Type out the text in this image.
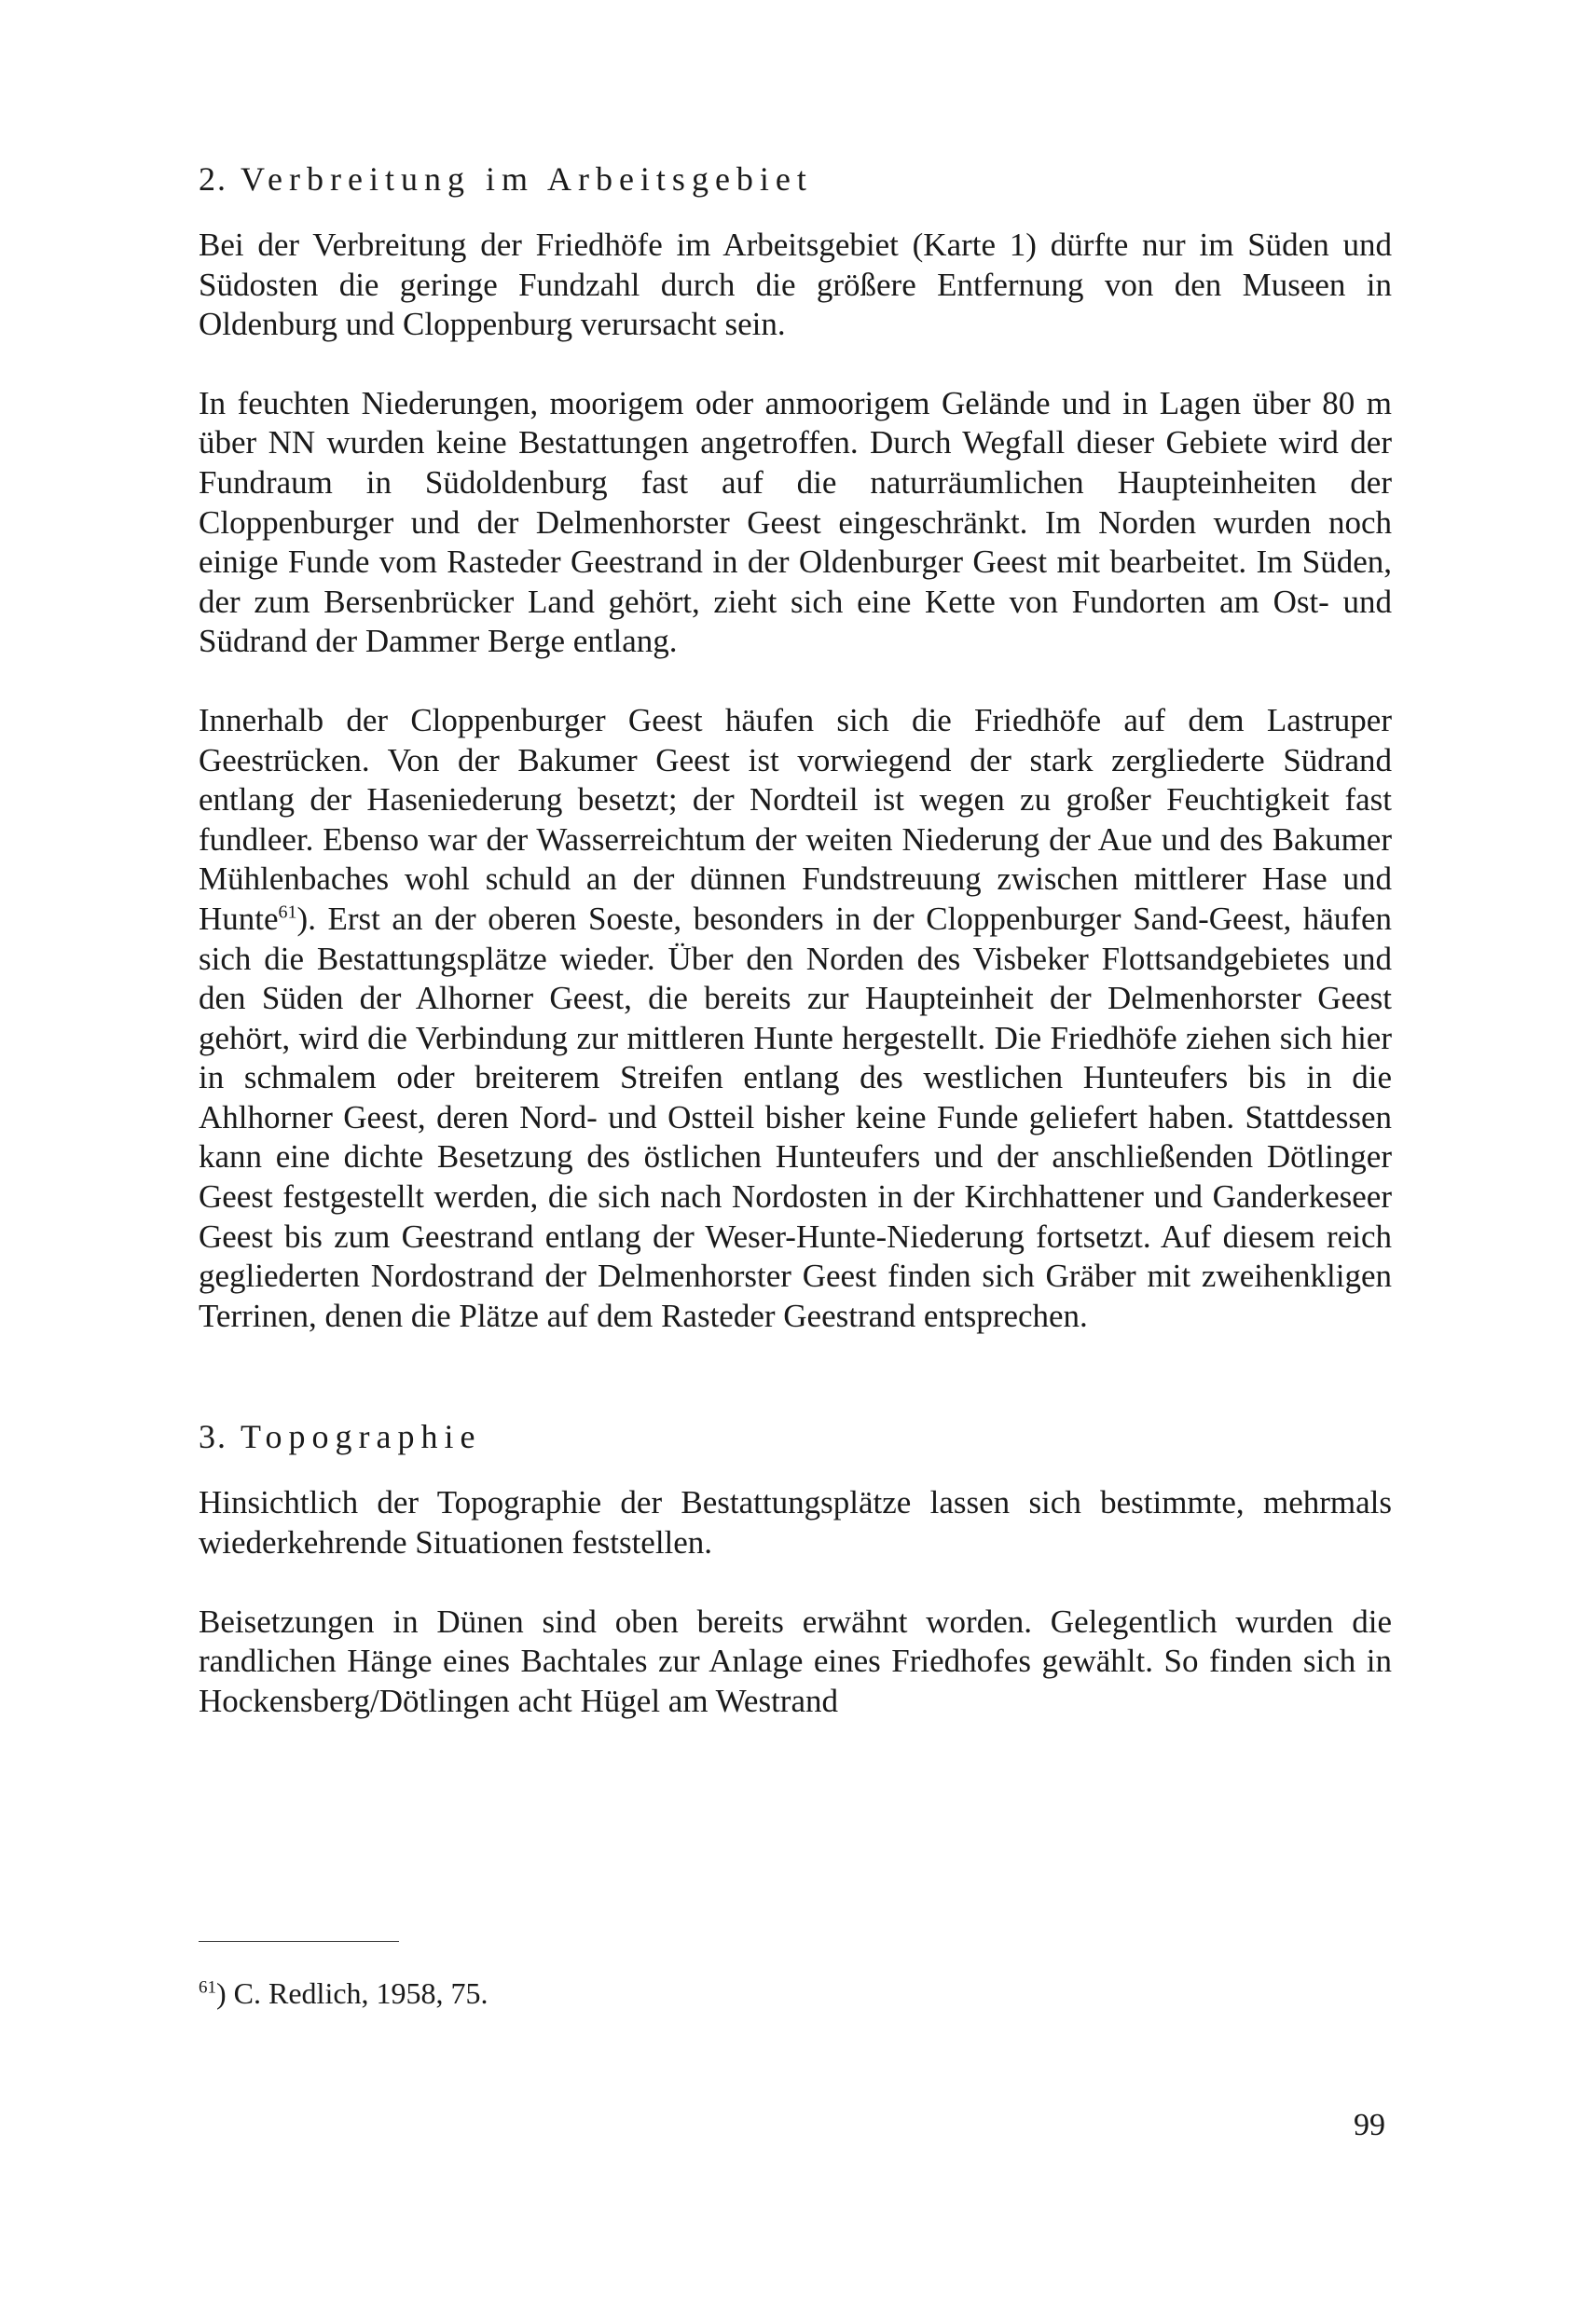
2. Verbreitung im Arbeitsgebiet

Bei der Verbreitung der Friedhöfe im Arbeitsgebiet (Karte 1) dürfte nur im Süden und Südosten die geringe Fundzahl durch die größere Entfernung von den Museen in Oldenburg und Cloppenburg verursacht sein.

In feuchten Niederungen, moorigem oder anmoorigem Gelände und in Lagen über 80 m über NN wurden keine Bestattungen angetroffen. Durch Wegfall dieser Gebiete wird der Fundraum in Südoldenburg fast auf die naturräumlichen Haupteinheiten der Cloppenburger und der Delmenhorster Geest eingeschränkt. Im Norden wurden noch einige Funde vom Rasteder Geestrand in der Oldenburger Geest mit bearbeitet. Im Süden, der zum Bersenbrücker Land gehört, zieht sich eine Kette von Fundorten am Ost- und Südrand der Dammer Berge entlang.

Innerhalb der Cloppenburger Geest häufen sich die Friedhöfe auf dem Lastruper Geestrücken. Von der Bakumer Geest ist vorwiegend der stark zergliederte Südrand entlang der Haseniederung besetzt; der Nordteil ist wegen zu großer Feuchtigkeit fast fundleer. Ebenso war der Wasserreichtum der weiten Niederung der Aue und des Bakumer Mühlenbaches wohl schuld an der dünnen Fundstreuung zwischen mittlerer Hase und Hunte$^{61}$). Erst an der oberen Soeste, besonders in der Cloppenburger Sand-Geest, häufen sich die Bestattungsplätze wieder. Über den Norden des Visbeker Flottsandgebietes und den Süden der Alhorner Geest, die bereits zur Haupteinheit der Delmenhorster Geest gehört, wird die Verbindung zur mittleren Hunte hergestellt. Die Friedhöfe ziehen sich hier in schmalem oder breiterem Streifen entlang des westlichen Hunteufers bis in die Ahlhorner Geest, deren Nord- und Ostteil bisher keine Funde geliefert haben. Stattdessen kann eine dichte Besetzung des östlichen Hunteufers und der anschließenden Dötlinger Geest festgestellt werden, die sich nach Nordosten in der Kirchhattener und Ganderkeseer Geest bis zum Geestrand entlang der Weser-Hunte-Niederung fortsetzt. Auf diesem reich gegliederten Nordostrand der Delmenhorster Geest finden sich Gräber mit zweihenkligen Terrinen, denen die Plätze auf dem Rasteder Geestrand entsprechen.

3. Topographie

Hinsichtlich der Topographie der Bestattungsplätze lassen sich bestimmte, mehrmals wiederkehrende Situationen feststellen.

Beisetzungen in Dünen sind oben bereits erwähnt worden. Gelegentlich wurden die randlichen Hänge eines Bachtales zur Anlage eines Friedhofes gewählt. So finden sich in Hockensberg/Dötlingen acht Hügel am Westrand

$^{61}$) C. Redlich, 1958, 75.
99
